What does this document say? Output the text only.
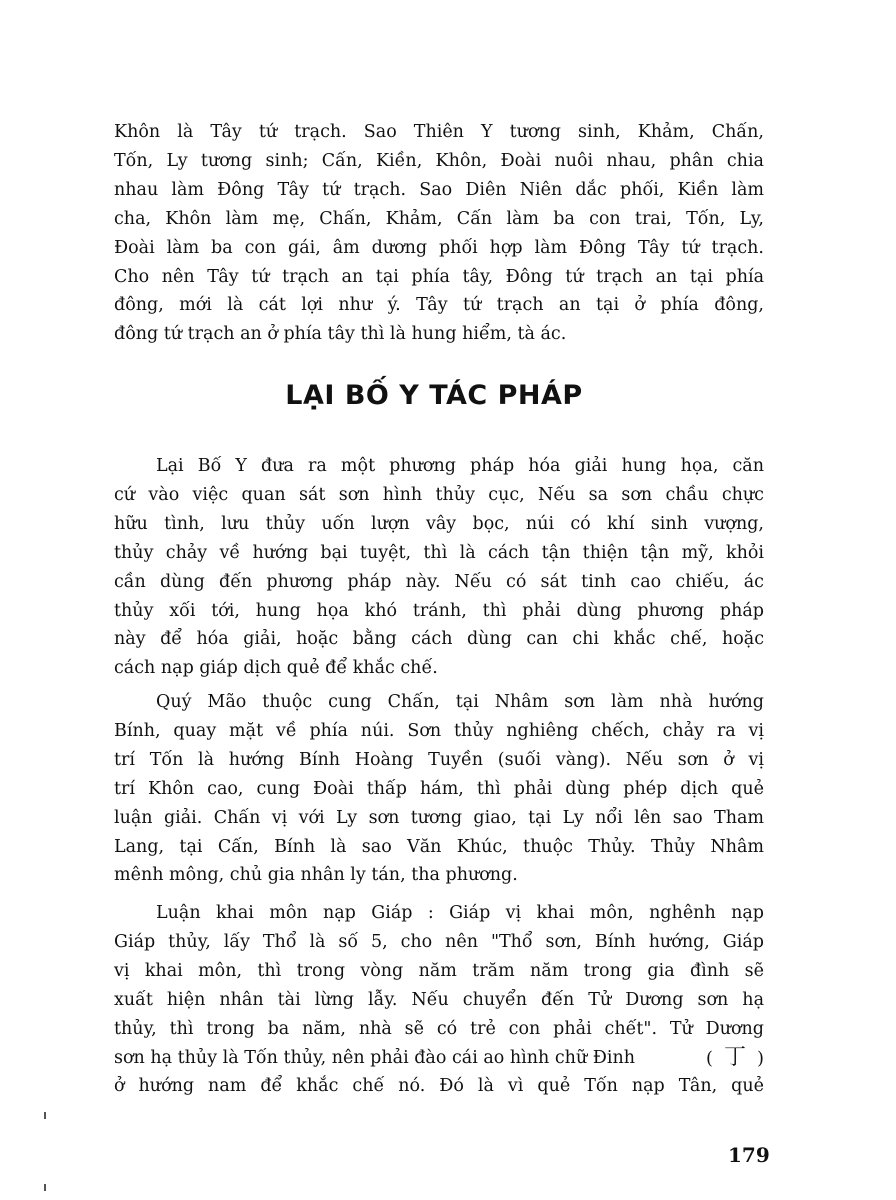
Khôn là Tây tứ trạch. Sao Thiên Y tương sinh, Khảm, Chấn,
Tốn, Ly tương sinh; Cấn, Kiền, Khôn, Đoài nuôi nhau, phân chia
nhau làm Đông Tây tứ trạch. Sao Diên Niên dắc phối, Kiền làm
cha, Khôn làm mẹ, Chấn, Khảm, Cấn làm ba con trai, Tốn, Ly,
Đoài làm ba con gái, âm dương phối hợp làm Đông Tây tứ trạch.
Cho nên Tây tứ trạch an tại phía tây, Đông tứ trạch an tại phía
đông, mới là cát lợi như ý. Tây tứ trạch an tại ở phía đông,
đông tứ trạch an ở phía tây thì là hung hiểm, tà ác.
LẠI BỐ Y TÁC PHÁP
Lại Bố Y đưa ra một phương pháp hóa giải hung họa, căn
cứ vào việc quan sát sơn hình thủy cục, Nếu sa sơn chầu chực
hữu tình, lưu thủy uốn lượn vây bọc, núi có khí sinh vượng,
thủy chảy về hướng bại tuyệt, thì là cách tận thiện tận mỹ, khỏi
cần dùng đến phương pháp này. Nếu có sát tinh cao chiếu, ác
thủy xối tới, hung họa khó tránh, thì phải dùng phương pháp
này để hóa giải, hoặc bằng cách dùng can chi khắc chế, hoặc
cách nạp giáp dịch quẻ để khắc chế.
Quý Mão thuộc cung Chấn, tại Nhâm sơn làm nhà hướng
Bính, quay mặt về phía núi. Sơn thủy nghiêng chếch, chảy ra vị
trí Tốn là hướng Bính Hoàng Tuyền (suối vàng). Nếu sơn ở vị
trí Khôn cao, cung Đoài thấp hám, thì phải dùng phép dịch quẻ
luận giải. Chấn vị với Ly sơn tương giao, tại Ly nổi lên sao Tham
Lang, tại Cấn, Bính là sao Văn Khúc, thuộc Thủy. Thủy Nhâm
mênh mông, chủ gia nhân ly tán, tha phương.
Luận khai môn nạp Giáp : Giáp vị khai môn, nghênh nạp
Giáp thủy, lấy Thổ là số 5, cho nên "Thổ sơn, Bính hướng, Giáp
vị khai môn, thì trong vòng năm trăm năm trong gia đình sẽ
xuất hiện nhân tài lừng lẫy. Nếu chuyển đến Tử Dương sơn hạ
thủy, thì trong ba năm, nhà sẽ có trẻ con phải chết". Tử Dương
sơn hạ thủy là Tốn thủy, nên phải đào cái ao hình chữ Đinh	( 丁 )
ở hướng nam để khắc chế nó. Đó là vì quẻ Tốn nạp Tân, quẻ
179
